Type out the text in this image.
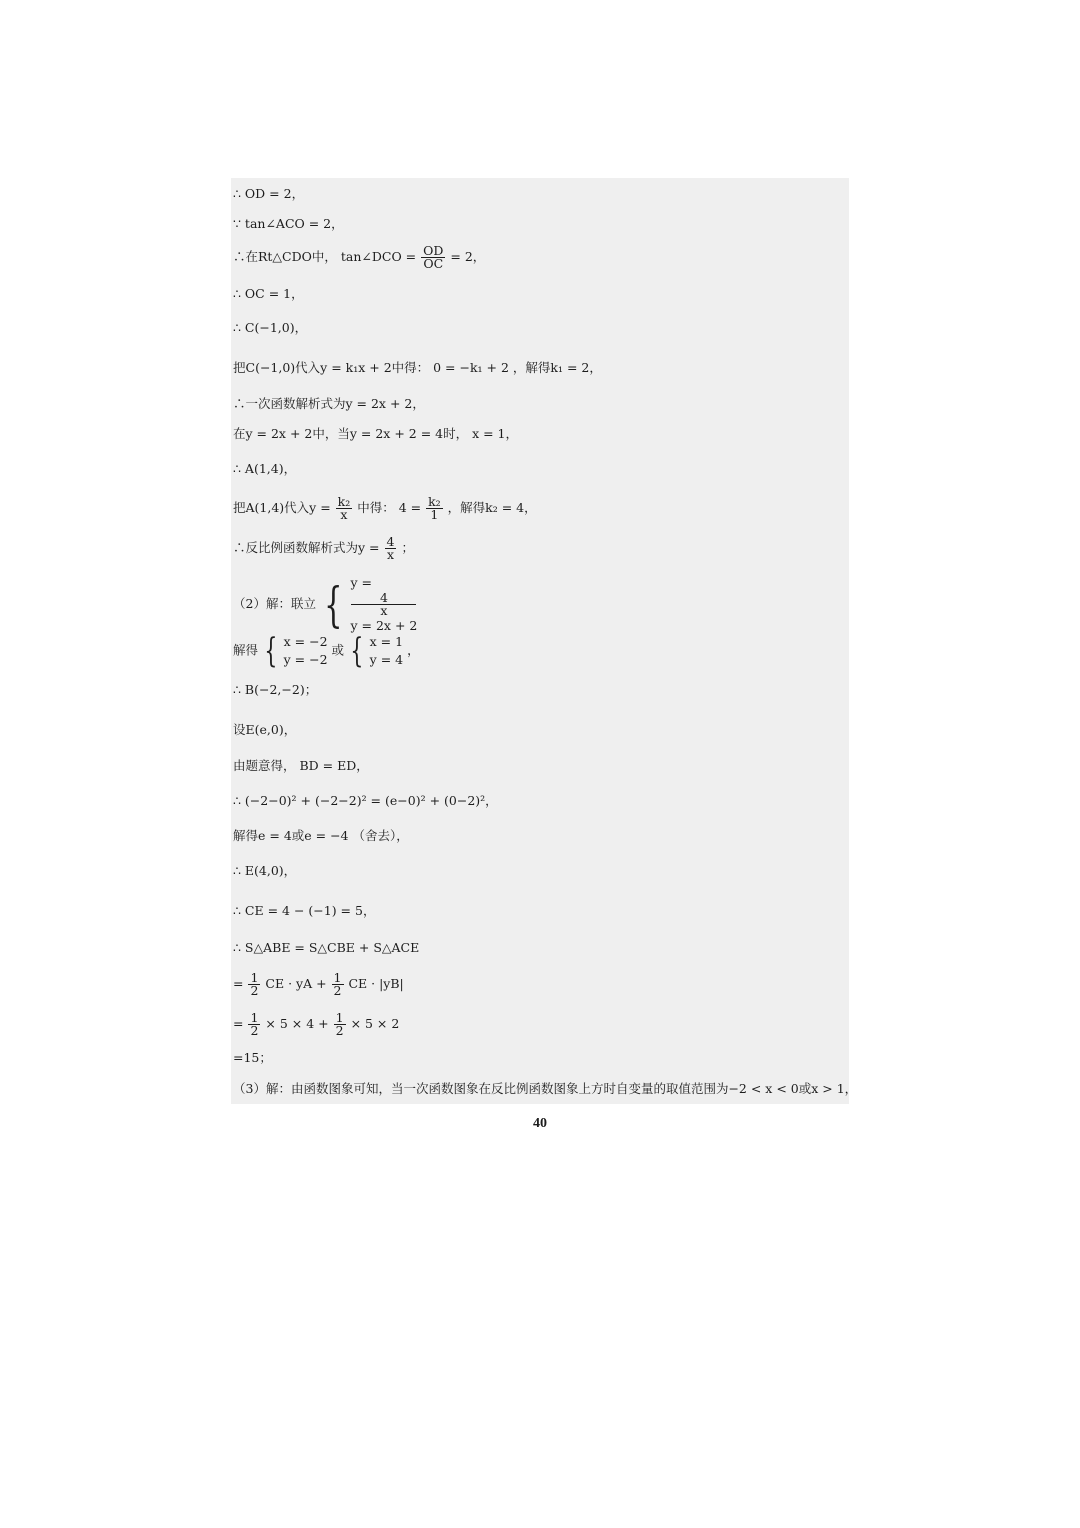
∴ OD = 2，
∵ tan∠ACO = 2，
∴在Rt△CDO中， tan∠DCO = $\frac{OD}{OC} = 2$，
∴ OC = 1，
∴ C(−1,0)，
把C(−1,0)代入y = k₁x + 2中得： 0 = −k₁ + 2 ，解得k₁ = 2，
∴一次函数解析式为y = 2x + 2，
在y = 2x + 2中，当y = 2x + 2 = 4时， x = 1，
∴ A(1,4)，
把A(1,4)代入$y = \frac{\text{k₂}}{x}$ 中得： $4 = \frac{\text{k₂}}{1}$ ，解得k₂ = 4，
∴反比例函数解析式为$y = \frac{4}{x}$ ；
（2）解：联立 { y =
4
x
y = 2x + 2
解得 { x = −2
y = −2
或 { x = 1
y = 4
，
∴ B(−2,−2)；
设E(e,0)，
由题意得， BD = ED，
∴ (−2−0)² + (−2−2)² = (e−0)² + (0−2)²，
解得e = 4或e = −4 （舍去），
∴ E(4,0)，
∴ CE = 4 − (−1) = 5，
∴ S△ABE = S△CBE + S△ACE
= $\frac{1}{2}$ CE · yA + $\frac{1}{2}$ CE · |yB|
= $\frac{1}{2} \times 5 \times 4 + \frac{1}{2} \times 5 \times 2$
=15；
（3）解：由函数图象可知，当一次函数图象在反比例函数图象上方时自变量的取值范围为−2 < x < 0或x > 1，
40
